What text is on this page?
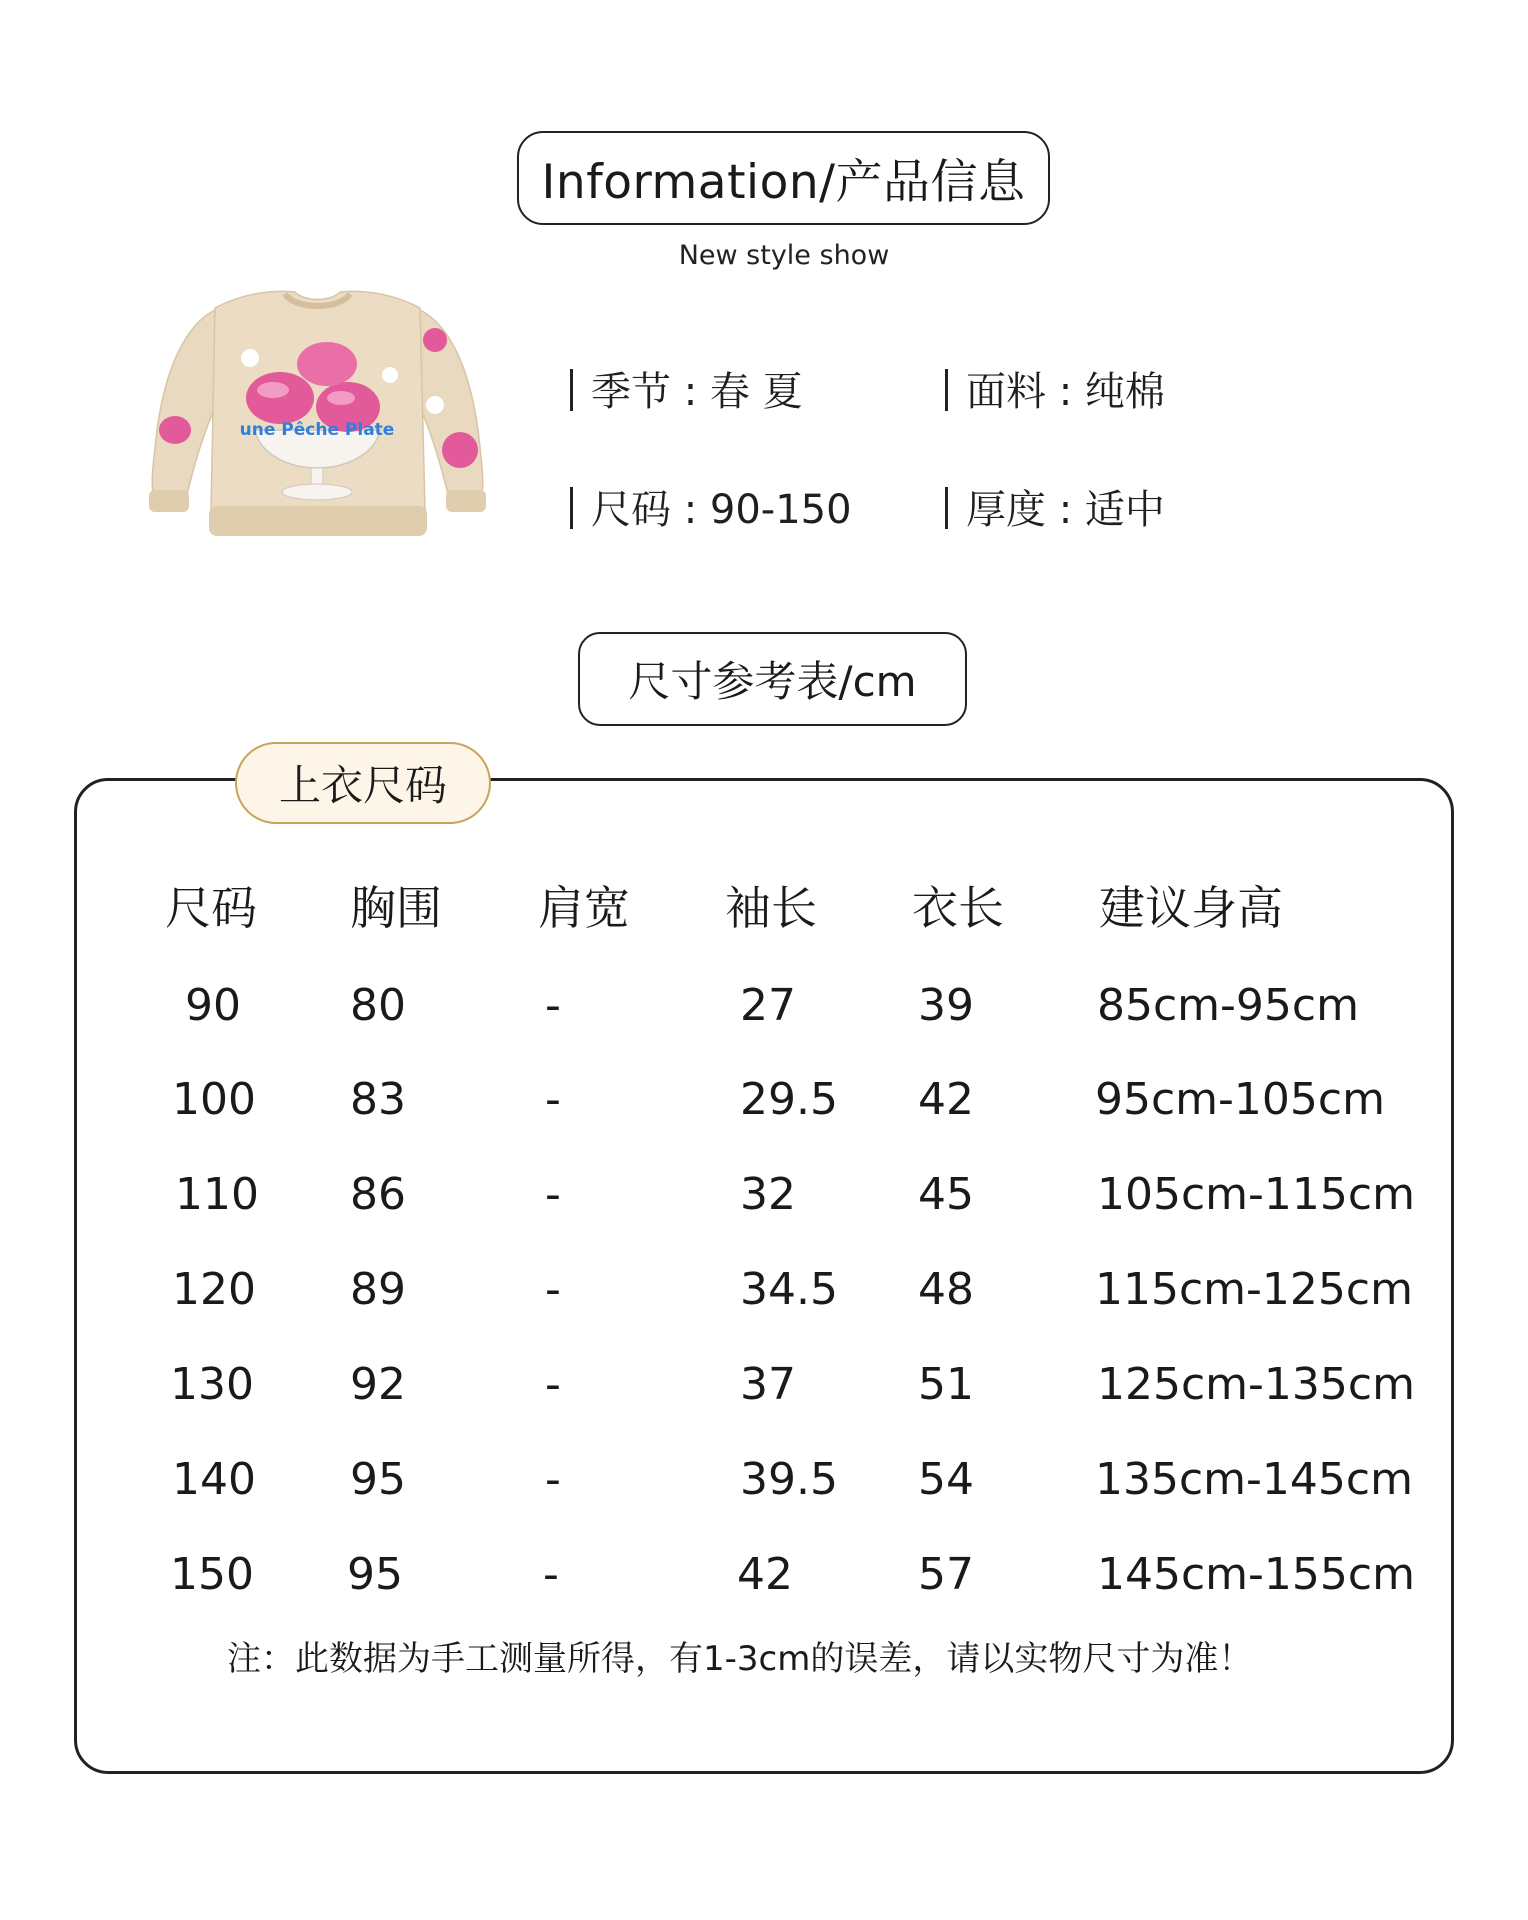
Information/产品信息
New style show
une Pêche Plate
季节 : 春 夏	面料 : 纯棉
尺码 : 90-150	厚度 : 适中
尺寸参考表/cm
上衣尺码
尺码 胸围 肩宽 袖长 衣长 建议身高
90 80	-	27	39	85cm-95cm
100 83	-	29.5 42	95cm-105cm
110 86	-	32	45	105cm-115cm
120 89	-	34.5 48	115cm-125cm
130 92	-	37	51	125cm-135cm
140 95	-	39.5 54	135cm-145cm
150 95	-	42	57	145cm-155cm
注：此数据为手工测量所得，有1-3cm的误差，请以实物尺寸为准！
